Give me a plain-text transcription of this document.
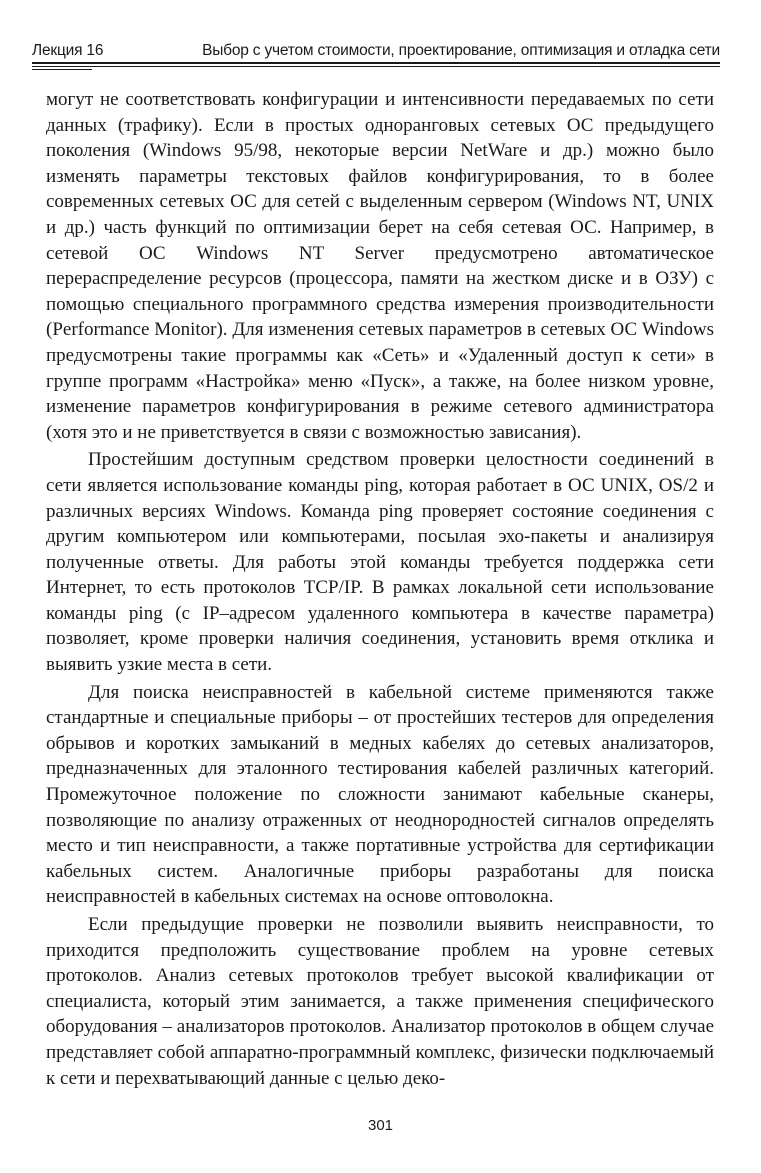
Лекция 16	Выбор с учетом стоимости, проектирование, оптимизация и отладка сети

могут не соответствовать конфигурации и интенсивности передаваемых по сети данных (трафику). Если в простых одноранговых сетевых ОС предыдущего поколения (Windows 95/98, некоторые версии NetWare и др.) можно было изменять параметры текстовых файлов конфигурирования, то в более современных сетевых ОС для сетей с выделенным сервером (Windows NT, UNIX и др.) часть функций по оптимизации берет на себя сетевая ОС. Например, в сетевой ОС Windows NT Server предусмотрено автоматическое перераспределение ресурсов (процессора, памяти на жестком диске и в ОЗУ) с помощью специального программного средства измерения производительности (Performance Monitor). Для изменения сетевых параметров в сетевых ОС Windows предусмотрены такие программы как «Сеть» и «Удаленный доступ к сети» в группе программ «Настройка» меню «Пуск», а также, на более низком уровне, изменение параметров конфигурирования в режиме сетевого администратора (хотя это и не приветствуется в связи с возможностью зависания).

Простейшим доступным средством проверки целостности соединений в сети является использование команды ping, которая работает в ОС UNIX, OS/2 и различных версиях Windows. Команда ping проверяет состояние соединения с другим компьютером или компьютерами, посылая эхо-пакеты и анализируя полученные ответы. Для работы этой команды требуется поддержка сети Интернет, то есть протоколов TCP/IP. В рамках локальной сети использование команды ping (с IP–адресом удаленного компьютера в качестве параметра) позволяет, кроме проверки наличия соединения, установить время отклика и выявить узкие места в сети.

Для поиска неисправностей в кабельной системе применяются также стандартные и специальные приборы – от простейших тестеров для определения обрывов и коротких замыканий в медных кабелях до сетевых анализаторов, предназначенных для эталонного тестирования кабелей различных категорий. Промежуточное положение по сложности занимают кабельные сканеры, позволяющие по анализу отраженных от неоднородностей сигналов определять место и тип неисправности, а также портативные устройства для сертификации кабельных систем. Аналогичные приборы разработаны для поиска неисправностей в кабельных системах на основе оптоволокна.

Если предыдущие проверки не позволили выявить неисправности, то приходится предположить существование проблем на уровне сетевых протоколов. Анализ сетевых протоколов требует высокой квалификации от специалиста, который этим занимается, а также применения специфического оборудования – анализаторов протоколов. Анализатор протоколов в общем случае представляет собой аппаратно-программный комплекс, физически подключаемый к сети и перехватывающий данные с целью деко-

301
